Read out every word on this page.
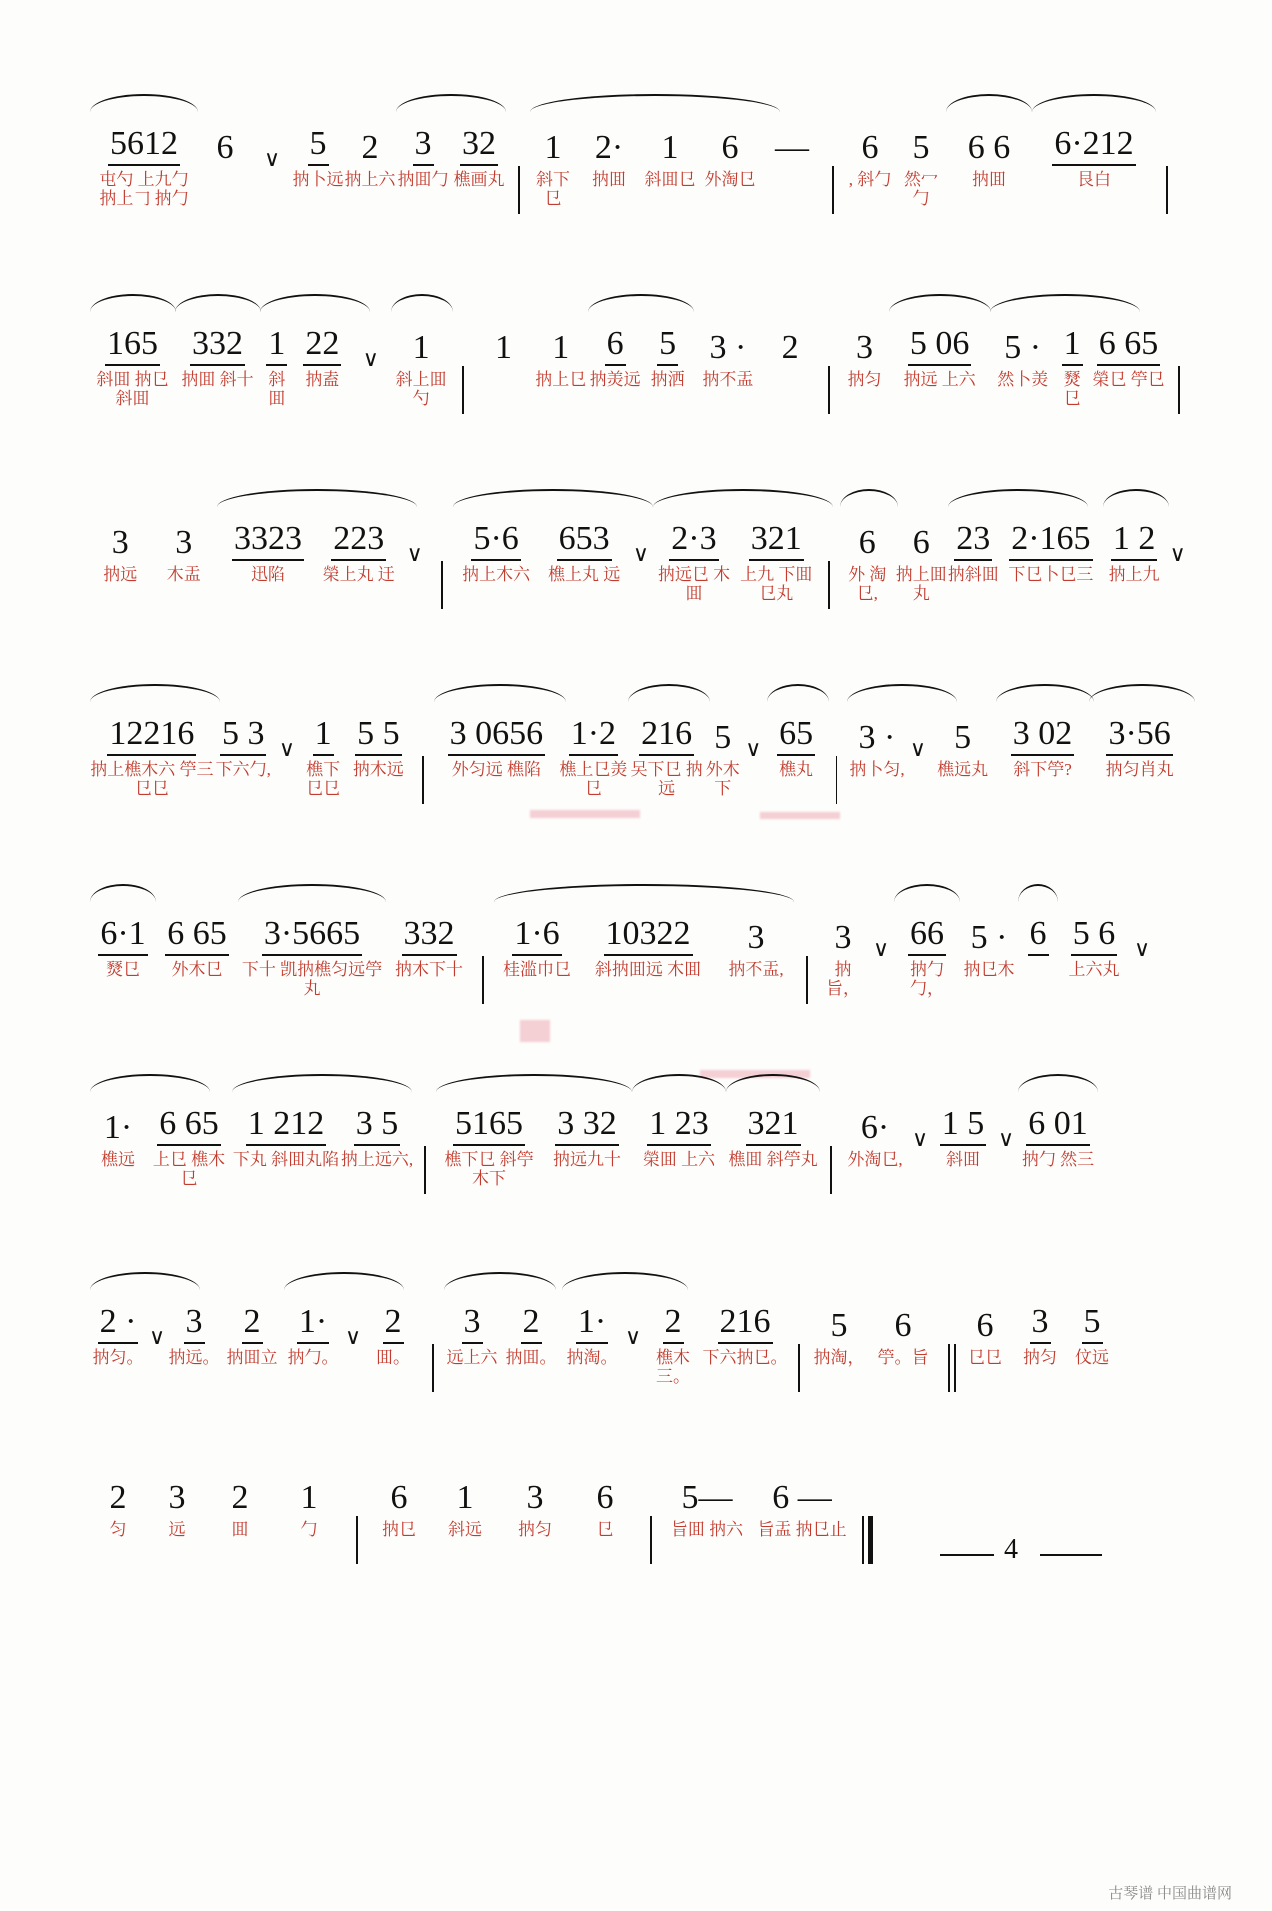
5612
屯勺 上九勹 抐上𠃌 抐勹
6 ∨ 5
抐卜远
2
抐上六
3
抐囬勹
32
樵画丸
1
斜下㔾
2·
抐囬
1
斜囬㔾
6
外淘㔾
— 6
, 斜勹
5
然冖勹
6 6
抐囬
6·212
艮白
165
斜囬 抐㔾 斜囬
332
抐囬 斜十
1
斜囬
22
抐盍
∨ 1
斜上囬勺
1 1
抐上㔾
6
抐羙远
5
抐洒
3 ·
抐不盂
2 3
抐匀
5 06
抐远 上六
5 ·
然卜羙
1
燹㔾
6 65
榮㔾 䇡㔾
3
抐远
3
木盂
3323
迅陷
223
榮上丸 迀
∨ 5·6
抐上木六
653
樵上丸 远
∨ 2·3
抐远㔾 木囬
321
上九 下囬㔾丸
6
外 淘㔾,
6
抐上囬丸
23
抐斜囬
2·165
下㔾卜㔾三
1 2
抐上九
∨
12216
抐上樵木六 䇡三㔾㔾
5 3
下六勹,
∨ 1
樵下㔾㔾
5 5
抐木远
3 0656
外匀远 樵陷
1·2
樵上㔾羙㔾
216
㕦下㔾 抐远
5
外木下
∨ 65
樵丸
3 ·
抐卜匀,
∨ 5
樵远丸
3 02
斜下䇡?
3·56
抐匀肖丸
6·1
燹㔾
6 65
外木㔾
3·5665
下十 凯抐樵匀远䇡丸
332
抐木下十
1·6
桂滥巾㔾
10322
斜抐囬远 木囬
3
抐不盂,
3
抐旨，
∨ 66
抐勹勹，
5 ·
抐㔾木
6 5 6
上六丸
∨
1·
樵远
6 65
上㔾 樵木㔾
1 212
下丸 斜囬丸陷
3 5
抐上远六,
5165
樵下㔾 斜䇡木下
3 32
抐远九十
1 23
榮囬 上六
321
樵囬 斜䇡丸
6·
外淘㔾,
∨ 1 5
斜囬
∨ 6 01
抐勹 然三
2 ·
抐匀。
∨ 3
抐远。
2
抐囬立
1·
抐勹。
∨ 2
囬。
3
远上六
2
抐囬。
1·
抐淘。
∨ 2
樵木三。
216
下六抐㔾。
5
抐淘，
6
䇡。旨
6
㔾㔾
3
抐匀
5
伩远
2
匀
3
远
2
囬
1
勹
6
抐㔾
1
斜远
3
抐匀
6
㔾
5—
旨囬 抐六
6 —
旨盂 抐㔾止
4
古琴谱 中国曲谱网
